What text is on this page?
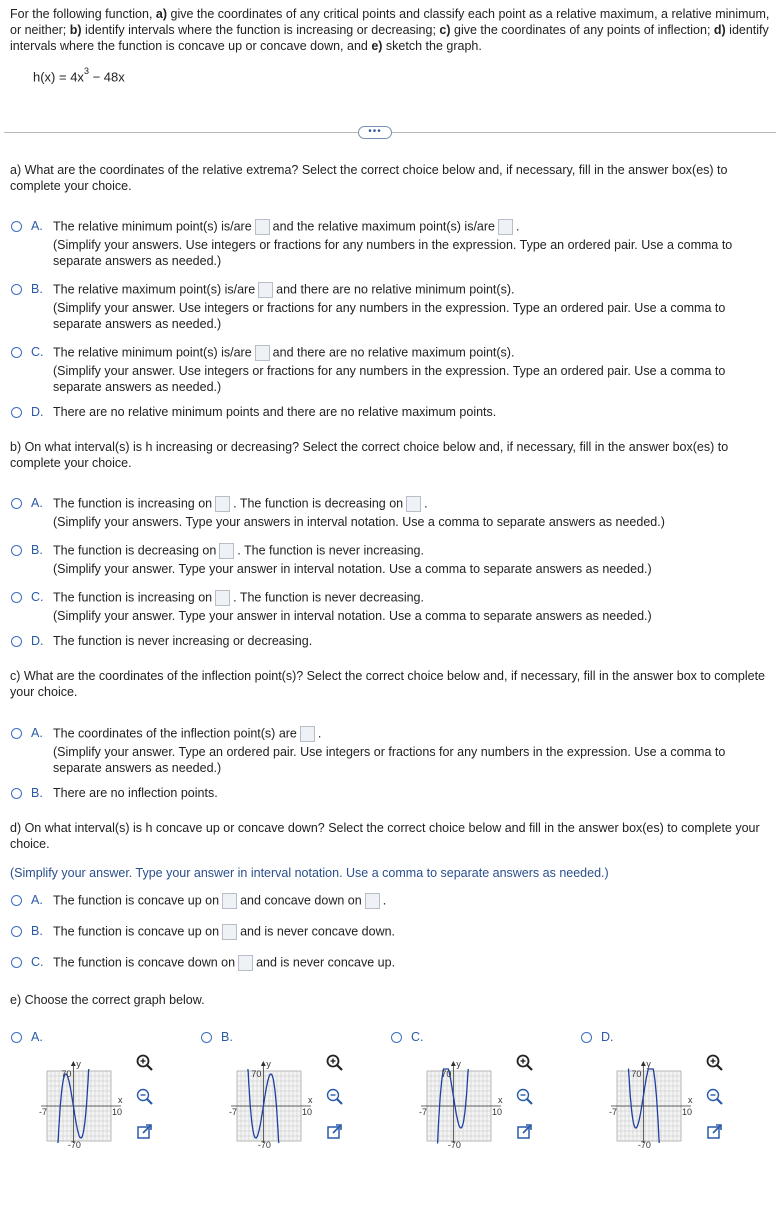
For the following function, a) give the coordinates of any critical points and classify each point as a relative maximum, a relative minimum, or neither; b) identify intervals where the function is increasing or decreasing; c) give the coordinates of any points of inflection; d) identify intervals where the function is concave up or concave down, and e) sketch the graph.
$h(x) = 4x^3 - 48x$
•••
a) What are the coordinates of the relative extrema? Select the correct choice below and, if necessary, fill in the answer box(es) to complete your choice.
A. The relative minimum point(s) is/are and the relative maximum point(s) is/are .
(Simplify your answers. Use integers or fractions for any numbers in the expression. Type an ordered pair. Use a comma to separate answers as needed.)
B. The relative maximum point(s) is/are and there are no relative minimum point(s).
(Simplify your answer. Use integers or fractions for any numbers in the expression. Type an ordered pair. Use a comma to separate answers as needed.)
C. The relative minimum point(s) is/are and there are no relative maximum point(s).
(Simplify your answer. Use integers or fractions for any numbers in the expression. Type an ordered pair. Use a comma to separate answers as needed.)
D. There are no relative minimum points and there are no relative maximum points.
b) On what interval(s) is h increasing or decreasing? Select the correct choice below and, if necessary, fill in the answer box(es) to complete your choice.
A. The function is increasing on . The function is decreasing on .
(Simplify your answers. Type your answers in interval notation. Use a comma to separate answers as needed.)
B. The function is decreasing on . The function is never increasing.
(Simplify your answer. Type your answer in interval notation. Use a comma to separate answers as needed.)
C. The function is increasing on . The function is never decreasing.
(Simplify your answer. Type your answer in interval notation. Use a comma to separate answers as needed.)
D. The function is never increasing or decreasing.
c) What are the coordinates of the inflection point(s)? Select the correct choice below and, if necessary, fill in the answer box to complete your choice.
A. The coordinates of the inflection point(s) are .
(Simplify your answer. Type an ordered pair. Use integers or fractions for any numbers in the expression. Use a comma to separate answers as needed.)
B. There are no inflection points.
d) On what interval(s) is h concave up or concave down? Select the correct choice below and fill in the answer box(es) to complete your choice.
(Simplify your answer. Type your answer in interval notation. Use a comma to separate answers as needed.)
A. The function is concave up on and concave down on .
B. The function is concave up on and is never concave down.
C. The function is concave down on and is never concave up.
e) Choose the correct graph below.
A.
y
70
-70
-7	10
x
B.
y
70
-70
-7	10
x
C.
y
70
-70
-7	10
x
D.
y
70
-70
-7	10
x
